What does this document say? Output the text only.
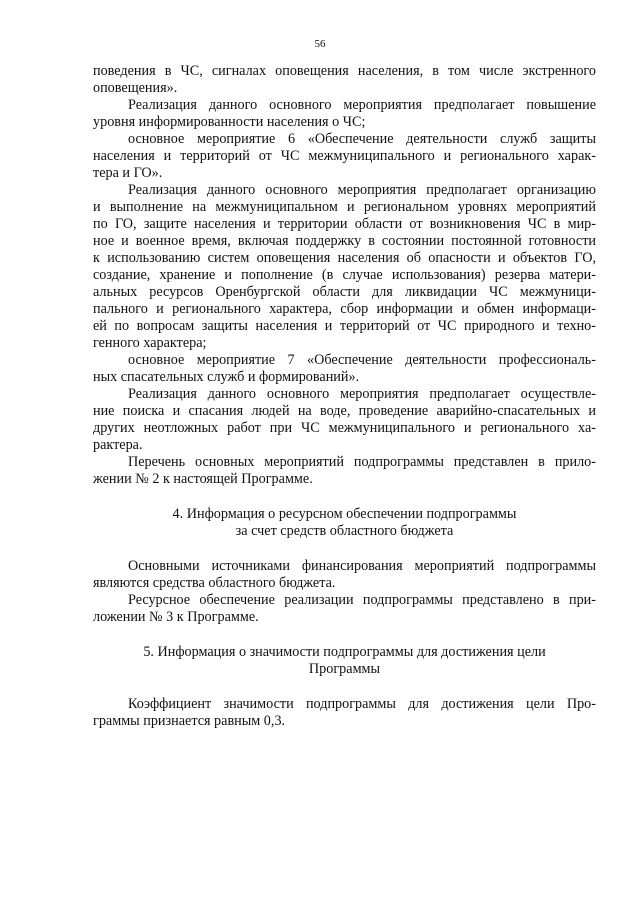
56
поведения в ЧС, сигналах оповещения населения, в том числе экстренного
оповещения».
Реализация данного основного мероприятия предполагает повышение
уровня информированности населения о ЧС;
основное мероприятие 6 «Обеспечение деятельности служб защиты
населения и территорий от ЧС межмуниципального и регионального харак-
тера и ГО».
Реализация данного основного мероприятия предполагает организацию
и выполнение на межмуниципальном и региональном уровнях мероприятий
по ГО, защите населения и территории области от возникновения ЧС в мир-
ное и военное время, включая поддержку в состоянии постоянной готовности
к использованию систем оповещения населения об опасности и объектов ГО,
создание, хранение и пополнение (в случае использования) резерва матери-
альных ресурсов Оренбургской области для ликвидации ЧС межмуници-
пального и регионального характера, сбор информации и обмен информаци-
ей по вопросам защиты населения и территорий от ЧС природного и техно-
генного характера;
основное мероприятие 7 «Обеспечение деятельности профессиональ-
ных спасательных служб и формирований».
Реализация данного основного мероприятия предполагает осуществле-
ние поиска и спасания людей на воде, проведение аварийно-спасательных и
других неотложных работ при ЧС межмуниципального и регионального ха-
рактера.
Перечень основных мероприятий подпрограммы представлен в прило-
жении № 2 к настоящей Программе.
4. Информация о ресурсном обеспечении подпрограммы
за счет средств областного бюджета
Основными источниками финансирования мероприятий подпрограммы
являются средства областного бюджета.
Ресурсное обеспечение реализации подпрограммы представлено в при-
ложении № 3 к Программе.
5. Информация о значимости подпрограммы для достижения цели
Программы
Коэффициент значимости подпрограммы для достижения цели Про-
граммы признается равным 0,3.
